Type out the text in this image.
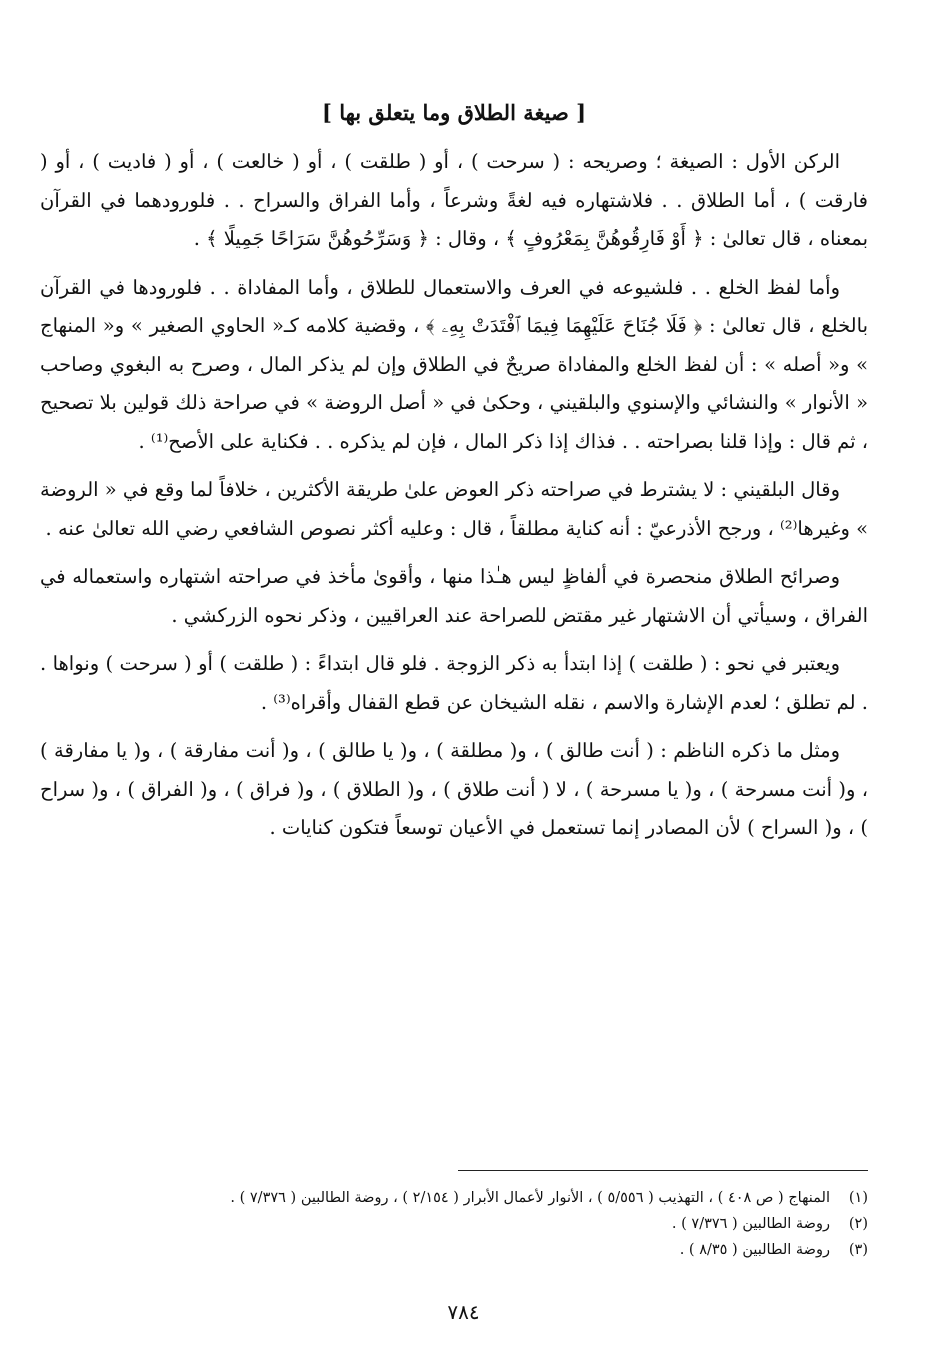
[ صيغة الطلاق وما يتعلق بها ]

الركن الأول : الصيغة ؛ وصريحه : ( سرحت ) ، أو ( طلقت ) ، أو ( خالعت ) ، أو ( فاديت ) ، أو ( فارقت ) ، أما الطلاق . . فلاشتهاره فيه لغةً وشرعاً ، وأما الفراق والسراح . . فلورودهما في القرآن بمعناه ، قال تعالىٰ : ﴿ أَوْ فَارِقُوهُنَّ بِمَعْرُوفٍ ﴾ ، وقال : ﴿ وَسَرِّحُوهُنَّ سَرَاحًا جَمِيلًا ﴾ .

وأما لفظ الخلع . . فلشيوعه في العرف والاستعمال للطلاق ، وأما المفاداة . . فلورودها في القرآن بالخلع ، قال تعالىٰ : ﴿ فَلَا جُنَاحَ عَلَيْهِمَا فِيمَا ٱفْتَدَتْ بِهِۦ ﴾ ، وقضية كلامه كـ« الحاوي الصغير » و« المنهاج » و« أصله » : أن لفظ الخلع والمفاداة صريحٌ في الطلاق وإن لم يذكر المال ، وصرح به البغوي وصاحب « الأنوار » والنشائي والإسنوي والبلقيني ، وحكىٰ في « أصل الروضة » في صراحة ذلك قولين بلا تصحيح ، ثم قال : وإذا قلنا بصراحته . . فذاك إذا ذكر المال ، فإن لم يذكره . . فكناية على الأصح⁽¹⁾ .

وقال البلقيني : لا يشترط في صراحته ذكر العوض علىٰ طريقة الأكثرين ، خلافاً لما وقع في « الروضة » وغيرها⁽²⁾ ، ورجح الأذرعيّ : أنه كناية مطلقاً ، قال : وعليه أكثر نصوص الشافعي رضي الله تعالىٰ عنه .

وصرائح الطلاق منحصرة في ألفاظٍ ليس هـٰذا منها ، وأقوىٰ مأخذ في صراحته اشتهاره واستعماله في الفراق ، وسيأتي أن الاشتهار غير مقتض للصراحة عند العراقيين ، وذكر نحوه الزركشي .

ويعتبر في نحو : ( طلقت ) إذا ابتدأ به ذكر الزوجة . فلو قال ابتداءً : ( طلقت ) أو ( سرحت ) ونواها . . لم تطلق ؛ لعدم الإشارة والاسم ، نقله الشيخان عن قطع القفال وأقراه⁽³⁾ .

ومثل ما ذكره الناظم : ( أنت طالق ) ، و( مطلقة ) ، و( يا طالق ) ، و( أنت مفارقة ) ، و( يا مفارقة ) ، و( أنت مسرحة ) ، و( يا مسرحة ) ، لا ( أنت طلاق ) ، و( الطلاق ) ، و( فراق ) ، و( الفراق ) ، و( سراح ) ، و( السراح ) لأن المصادر إنما تستعمل في الأعيان توسعاً فتكون كنايات .

(١)المنهاج ( ص ٤٠٨ ) ، التهذيب ( ٥/٥٥٦ ) ، الأنوار لأعمال الأبرار ( ٢/١٥٤ ) ، روضة الطالبين ( ٧/٣٧٦ ) .
(٢)روضة الطالبين ( ٧/٣٧٦ ) .
(٣)روضة الطالبين ( ٨/٣٥ ) .
٧٨٤
